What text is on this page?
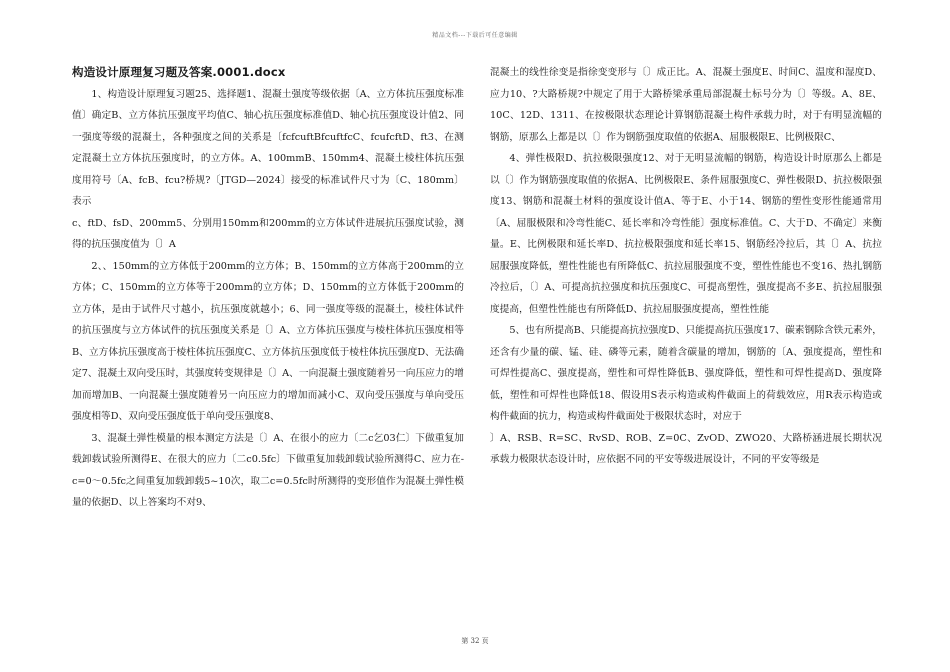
精品文档---下载后可任意编辑
构造设计原理复习题及答案.0001.docx

1、构造设计原理复习题25、选择题1、混凝土强度等级依据〔A、立方体抗压强度标准值〕确定B、立方体抗压强度平均值C、轴心抗压强度标准值D、轴心抗压强度设计值2、同一强度等级的混凝土，各种强度之间的关系是〔fcfcuftBfcuftfcC、fcufcftD、ft3、在测定混凝土立方体抗压强度时，的立方体。A、100mmB、150mm4、混凝土棱柱体抗压强度用符号〔A、fcB、fcu?桥规?〔JTGD—2024〕接受的标准试件尺寸为〔C、180mm〕表示

c、ftD、fsD、200mm5、分别用150mm和200mm的立方体试件进展抗压强度试验，测得的抗压强度值为〔〕A

2、、150mm的立方体低于200mm的立方体；B、150mm的立方体高于200mm的立方体；C、150mm的立方体等于200mm的立方体；D、150mm的立方体低于200mm的立方体，是由于试件尺寸越小，抗压强度就越小；6、同一强度等级的混凝土，棱柱体试件的抗压强度与立方体试件的抗压强度关系是〔〕A、立方体抗压强度与棱柱体抗压强度相等B、立方体抗压强度高于棱柱体抗压强度C、立方体抗压强度低于棱柱体抗压强度D、无法确定7、混凝土双向受压时，其强度转变规律是〔〕A、一向混凝土强度随着另一向压应力的增加而增加B、一向混凝土强度随着另一向压应力的增加而减小C、双向受压强度与单向受压强度相等D、双向受压强度低于单向受压强度8、

3、混凝土弹性模量的根本测定方法是〔〕A、在很小的应力〔二c乞03仁〕下做重复加载卸载试验所测得E、在很大的应力〔二c0.5fc〕下做重复加载卸载试验所测得C、应力在-c=0〜0.5fc之间重复加载卸载5~10次，取二c=0.5fc时所测得的变形值作为混凝土弹性模量的依据D、以上答案均不对9、

混凝土的线性徐变是指徐变变形与〔〕成正比。A、混凝土强度E、时间C、温度和湿度D、应力10、?大路桥规?中规定了用于大路桥梁承重局部混凝土标号分为〔〕等级。A、8E、10C、12D、1311、在按极限状态理论计算钢筋混凝土构件承载力时，对于有明显流幅的钢筋，原那么上都是以〔〕作为钢筋强度取值的依据A、屈服极限E、比例极限C、

4、弹性极限D、抗拉极限强度12、对于无明显流幅的钢筋，构造设计时原那么上都是以〔〕作为钢筋强度取值的依据A、比例极限E、条件屈服强度C、弹性极限D、抗拉极限强度13、钢筋和混凝土材料的强度设计值A、等于E、小于14、钢筋的塑性变形性能通常用〔A、屈服极限和冷弯性能C、延长率和冷弯性能〕强度标准值。C、大于D、不确定〕来衡量。E、比例极限和延长率D、抗拉极限强度和延长率15、钢筋经冷拉后，其〔〕A、抗拉屈服强度降低，塑性性能也有所降低C、抗拉屈服强度不变，塑性性能也不变16、热扎钢筋冷拉后，〔〕A、可提高抗拉强度和抗压强度C、可提高塑性，强度提高不多E、抗拉屈服强度提高，但塑性性能也有所降低D、抗拉屈服强度提高，塑性性能

5、也有所提高B、只能提高抗拉强度D、只能提高抗压强度17、碳素钢除含铁元素外，还含有少量的碳、锰、硅、磷等元素，随着含碳量的增加，钢筋的〔A、强度提高，塑性和可焊性提高C、强度提高，塑性和可焊性降低B、强度降低，塑性和可焊性提高D、强度降低，塑性和可焊性也降低18、假设用S表示构造或构件截面上的荷载效应，用R表示构造或构件截面的抗力，构造或构件截面处于极限状态时，对应于

〕A、RSB、R=SC、RvSD、ROB、Z=0C、ZvOD、ZWO20、大路桥涵进展长期状况承载力极限状态设计时，应依据不同的平安等级进展设计，不同的平安等级是

第 32 页
